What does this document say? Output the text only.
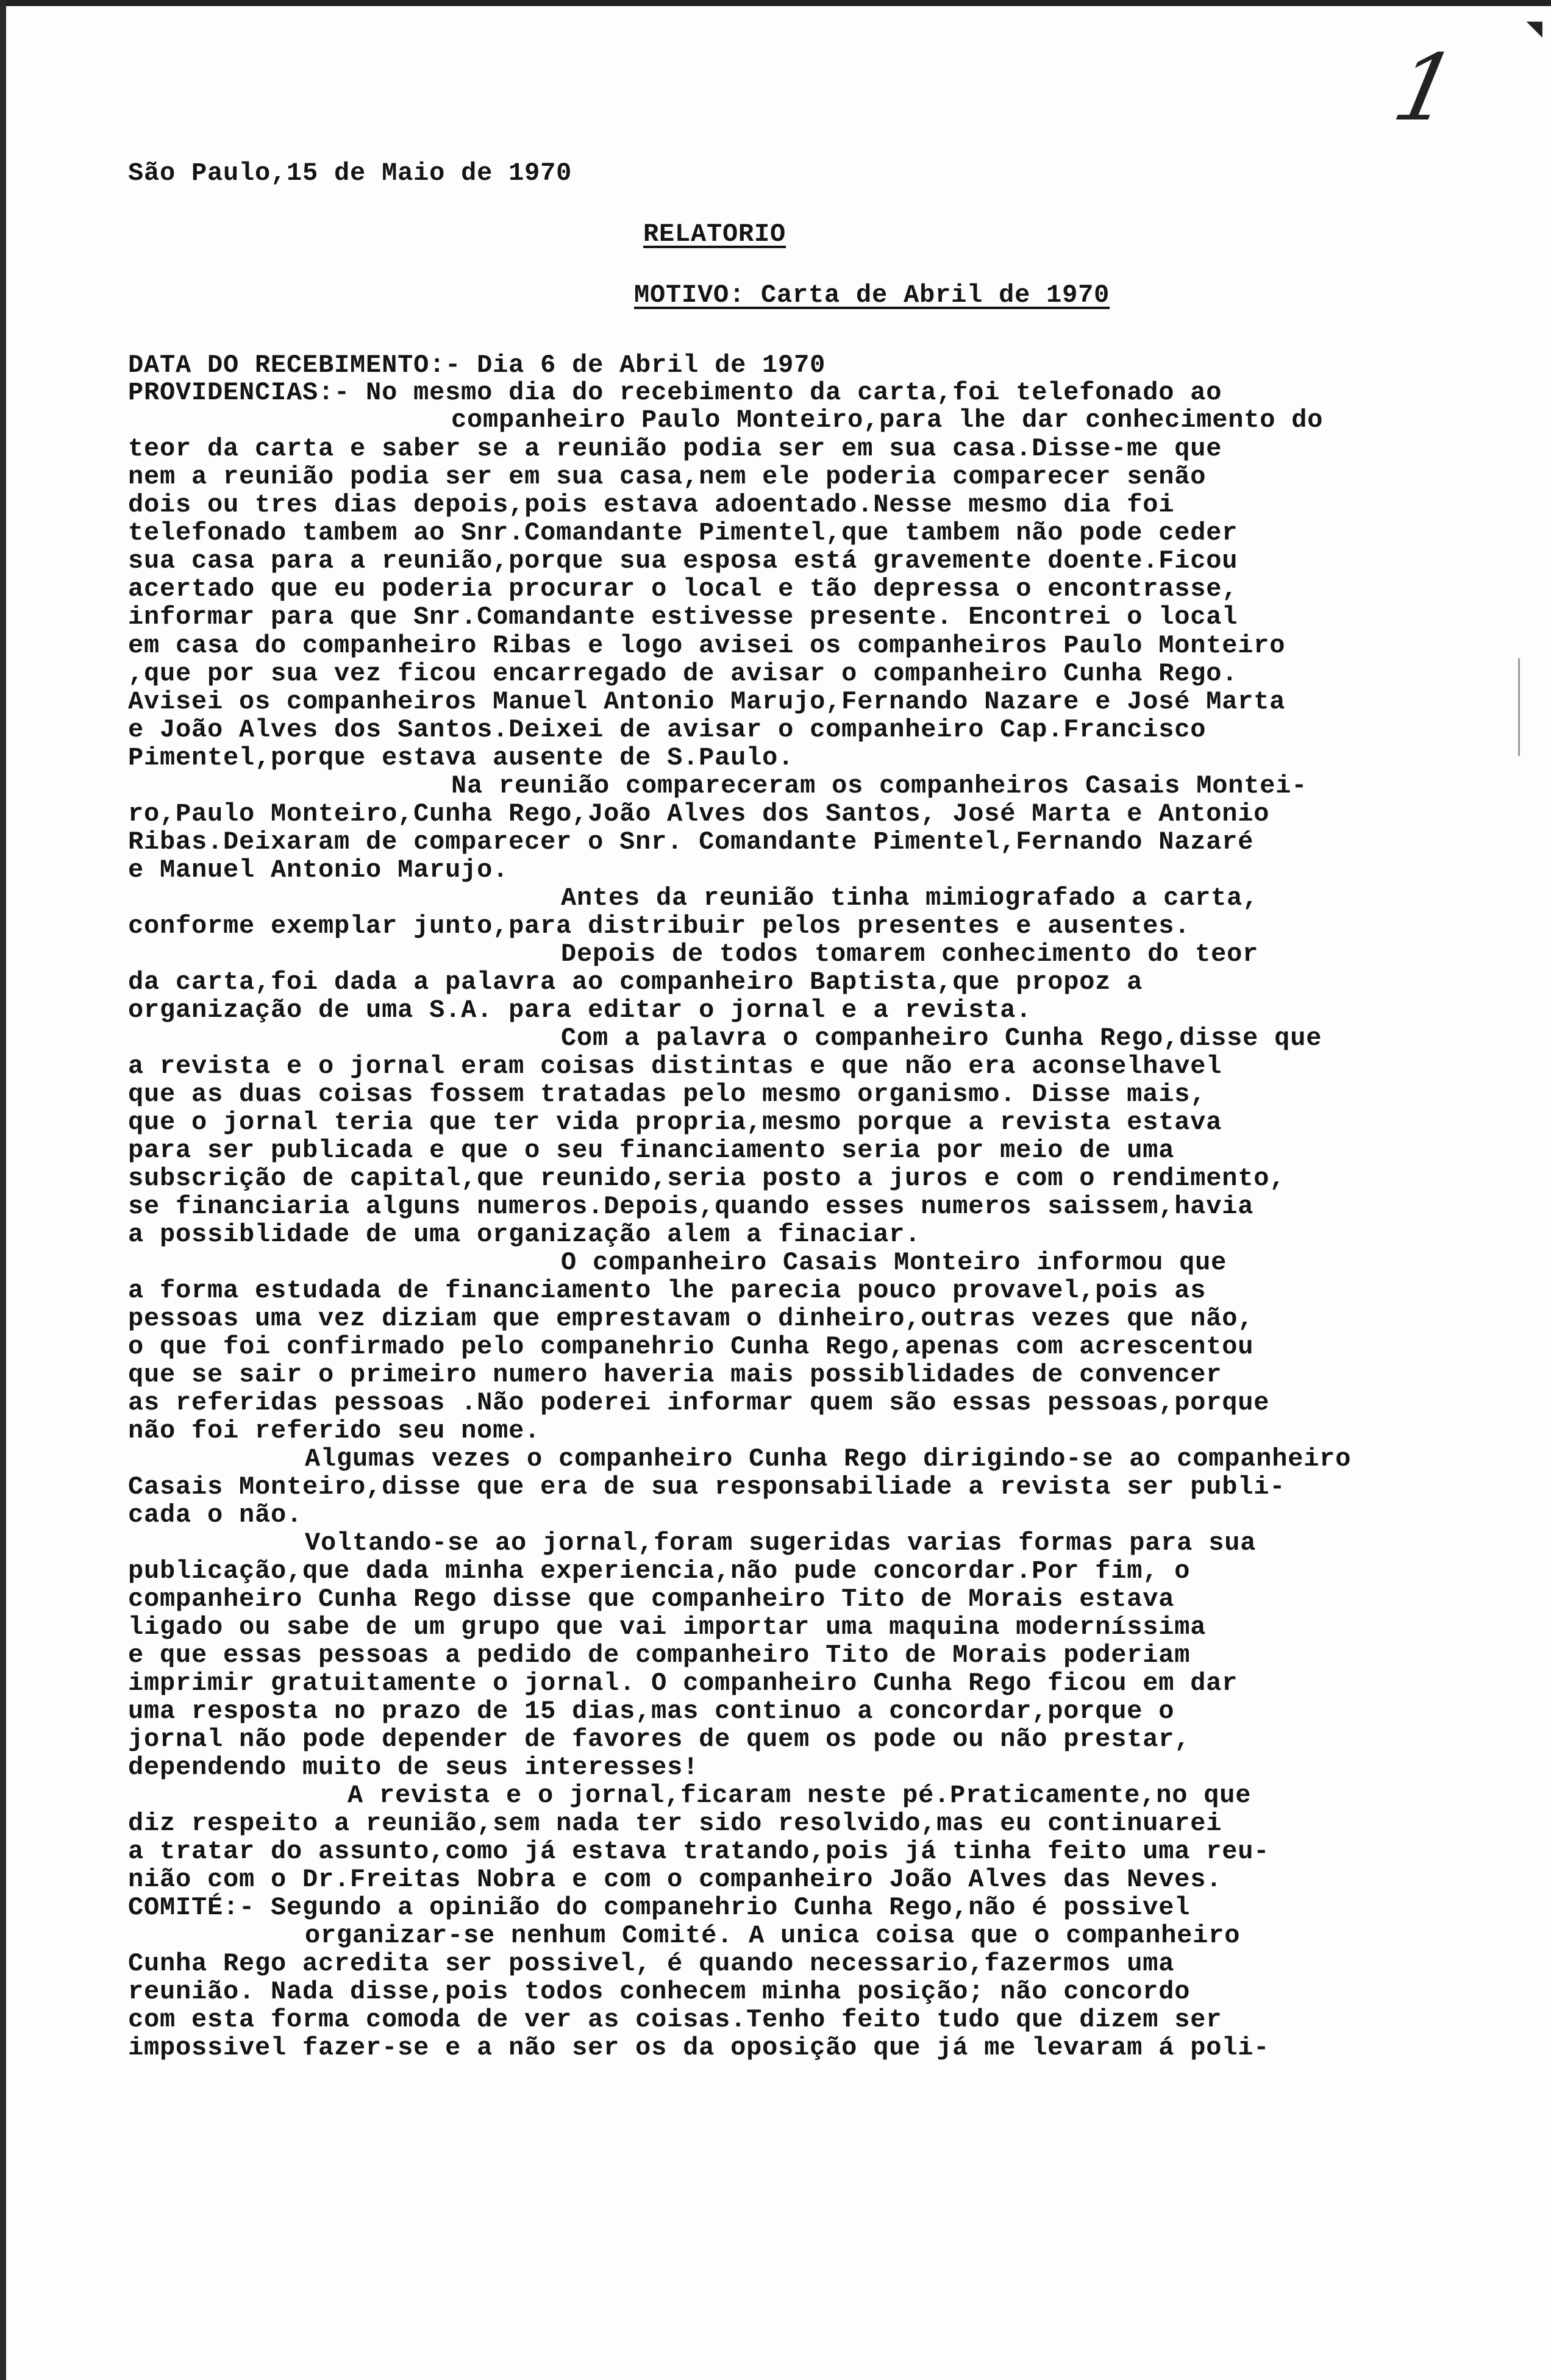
◥
1
São Paulo,15 de Maio de 1970
RELATORIO
MOTIVO: Carta de Abril de 1970
DATA DO RECEBIMENTO:- Dia 6 de Abril de 1970
PROVIDENCIAS:- No mesmo dia do recebimento da carta,foi telefonado ao
companheiro Paulo Monteiro,para lhe dar conhecimento do
teor da carta e saber se a reunião podia ser em sua casa.Disse-me que
nem a reunião podia ser em sua casa,nem ele poderia comparecer senão
dois ou tres dias depois,pois estava adoentado.Nesse mesmo dia foi
telefonado tambem ao Snr.Comandante Pimentel,que tambem não pode ceder
sua casa para a reunião,porque sua esposa está gravemente doente.Ficou
acertado que eu poderia procurar o local e tão depressa o encontrasse,
informar para que Snr.Comandante estivesse presente. Encontrei o local
em casa do companheiro Ribas e logo avisei os companheiros Paulo Monteiro
,que por sua vez ficou encarregado de avisar o companheiro Cunha Rego.
Avisei os companheiros Manuel Antonio Marujo,Fernando Nazare e José Marta
e João Alves dos Santos.Deixei de avisar o companheiro Cap.Francisco
Pimentel,porque estava ausente de S.Paulo.
Na reunião compareceram os companheiros Casais Montei-
ro,Paulo Monteiro,Cunha Rego,João Alves dos Santos, José Marta e Antonio
Ribas.Deixaram de comparecer o Snr. Comandante Pimentel,Fernando Nazaré
e Manuel Antonio Marujo.
Antes da reunião tinha mimiografado a carta,
conforme exemplar junto,para distribuir pelos presentes e ausentes.
Depois de todos tomarem conhecimento do teor
da carta,foi dada a palavra ao companheiro Baptista,que propoz a
organização de uma S.A. para editar o jornal e a revista.
Com a palavra o companheiro Cunha Rego,disse que
a revista e o jornal eram coisas distintas e que não era aconselhavel
que as duas coisas fossem tratadas pelo mesmo organismo. Disse mais,
que o jornal teria que ter vida propria,mesmo porque a revista estava
para ser publicada e que o seu financiamento seria por meio de uma
subscrição de capital,que reunido,seria posto a juros e com o rendimento,
se financiaria alguns numeros.Depois,quando esses numeros saissem,havia
a possiblidade de uma organização alem a finaciar.
O companheiro Casais Monteiro informou que
a forma estudada de financiamento lhe parecia pouco provavel,pois as
pessoas uma vez diziam que emprestavam o dinheiro,outras vezes que não,
o que foi confirmado pelo companehrio Cunha Rego,apenas com acrescentou
que se sair o primeiro numero haveria mais possiblidades de convencer
as referidas pessoas .Não poderei informar quem são essas pessoas,porque
não foi referido seu nome.
Algumas vezes o companheiro Cunha Rego dirigindo-se ao companheiro
Casais Monteiro,disse que era de sua responsabiliade a revista ser publi-
cada o não.
Voltando-se ao jornal,foram sugeridas varias formas para sua
publicação,que dada minha experiencia,não pude concordar.Por fim, o
companheiro Cunha Rego disse que companheiro Tito de Morais estava
ligado ou sabe de um grupo que vai importar uma maquina moderníssima
e que essas pessoas a pedido de companheiro Tito de Morais poderiam
imprimir gratuitamente o jornal. O companheiro Cunha Rego ficou em dar
uma resposta no prazo de 15 dias,mas continuo a concordar,porque o
jornal não pode depender de favores de quem os pode ou não prestar,
dependendo muito de seus interesses!
A revista e o jornal,ficaram neste pé.Praticamente,no que
diz respeito a reunião,sem nada ter sido resolvido,mas eu continuarei
a tratar do assunto,como já estava tratando,pois já tinha feito uma reu-
nião com o Dr.Freitas Nobra e com o companheiro João Alves das Neves.
COMITÉ:- Segundo a opinião do companehrio Cunha Rego,não é possivel
organizar-se nenhum Comité. A unica coisa que o companheiro
Cunha Rego acredita ser possivel, é quando necessario,fazermos uma
reunião. Nada disse,pois todos conhecem minha posição; não concordo
com esta forma comoda de ver as coisas.Tenho feito tudo que dizem ser
impossivel fazer-se e a não ser os da oposição que já me levaram á poli-
